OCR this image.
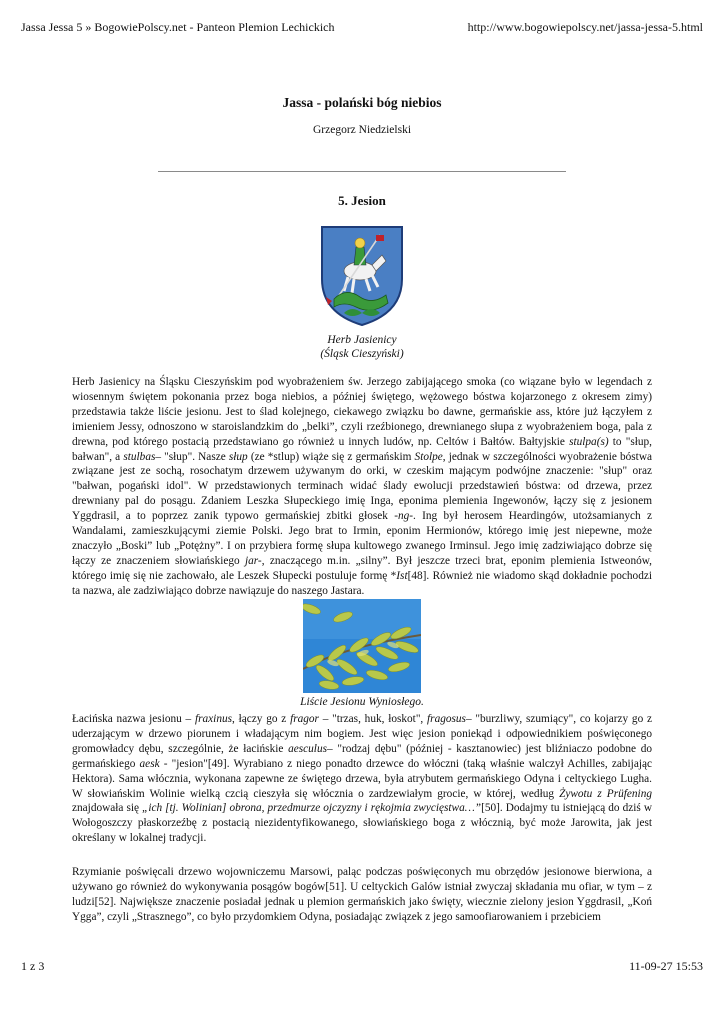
Jassa Jessa 5 » BogowiePolscy.net - Panteon Plemion Lechickich	http://www.bogowiepolscy.net/jassa-jessa-5.html
Jassa - polański bóg niebios
Grzegorz Niedzielski
5. Jesion
Herb Jasienicy
(Śląsk Cieszyński)

Herb Jasienicy na Śląsku Cieszyńskim pod wyobrażeniem św. Jerzego zabijającego smoka (co wiązane było w legendach z wiosennym świętem pokonania przez boga niebios, a później świętego, wężowego bóstwa kojarzonego z okresem zimy) przedstawia także liście jesionu. Jest to ślad kolejnego, ciekawego związku bo dawne, germańskie ass, które już łączyłem z imieniem Jessy, odnoszono w staroislandzkim do „belki”, czyli rzeźbionego, drewnianego słupa z wyobrażeniem boga, pala z drewna, pod którego postacią przedstawiano go również u innych ludów, np. Celtów i Bałtów. Bałtyjskie stulpa(s) to "słup, bałwan", a stulbas– "słup". Nasze słup (ze *stlup) wiąże się z germańskim Stolpe, jednak w szczególności wyobrażenie bóstwa związane jest ze sochą, rosochatym drzewem używanym do orki, w czeskim mającym podwójne znaczenie: "słup" oraz "bałwan, pogański idol". W przedstawionych terminach widać ślady ewolucji przedstawień bóstwa: od drzewa, przez drewniany pal do posągu. Zdaniem Leszka Słupeckiego imię Inga, eponima plemienia Ingewonów, łączy się z jesionem Yggdrasil, a to poprzez zanik typowo germańskiej zbitki głosek -ng-. Ing był herosem Heardingów, utożsamianych z Wandalami, zamieszkującymi ziemie Polski. Jego brat to Irmin, eponim Hermionów, którego imię jest niepewne, może znaczyło „Boski” lub „Potężny”. I on przybiera formę słupa kultowego zwanego Irminsul. Jego imię zadziwiająco dobrze się łączy ze znaczeniem słowiańskiego jar-, znaczącego m.in. „silny”. Był jeszcze trzeci brat, eponim plemienia Istweonów, którego imię się nie zachowało, ale Leszek Słupecki postuluje formę *Ist[48]. Również nie wiadomo skąd dokładnie pochodzi ta nazwa, ale zadziwiająco dobrze nawiązuje do naszego Jastara.

Liście Jesionu Wyniosłego.

Łacińska nazwa jesionu – fraxinus, łączy go z fragor – "trzas, huk, łoskot", fragosus– "burzliwy, szumiący", co kojarzy go z uderzającym w drzewo piorunem i władającym nim bogiem. Jest więc jesion poniekąd i odpowiednikiem poświęconego gromowładcy dębu, szczególnie, że łacińskie aesculus– "rodzaj dębu" (później - kasztanowiec) jest bliźniaczo podobne do germańskiego aesk - "jesion"[49]. Wyrabiano z niego ponadto drzewce do włóczni (taką właśnie walczył Achilles, zabijając Hektora). Sama włócznia, wykonana zapewne ze świętego drzewa, była atrybutem germańskiego Odyna i celtyckiego Lugha. W słowiańskim Wolinie wielką czcią cieszyła się włócznia o zardzewiałym grocie, w której, według Żywotu z Prüfening znajdowała się „ich [tj. Wolinian] obrona, przedmurze ojczyzny i rękojmia zwycięstwa…”[50]. Dodajmy tu istniejącą do dziś w Wołogoszczy płaskorzeźbę z postacią niezidentyfikowanego, słowiańskiego boga z włócznią, być może Jarowita, jak jest określany w lokalnej tradycji.

Rzymianie poświęcali drzewo wojowniczemu Marsowi, paląc podczas poświęconych mu obrzędów jesionowe bierwiona, a używano go również do wykonywania posągów bogów[51]. U celtyckich Galów istniał zwyczaj składania mu ofiar, w tym – z ludzi[52]. Największe znaczenie posiadał jednak u plemion germańskich jako święty, wiecznie zielony jesion Yggdrasil, „Koń Ygga”, czyli „Strasznego”, co było przydomkiem Odyna, posiadając związek z jego samoofiarowaniem i przebiciem

1 z 3	11-09-27 15:53
